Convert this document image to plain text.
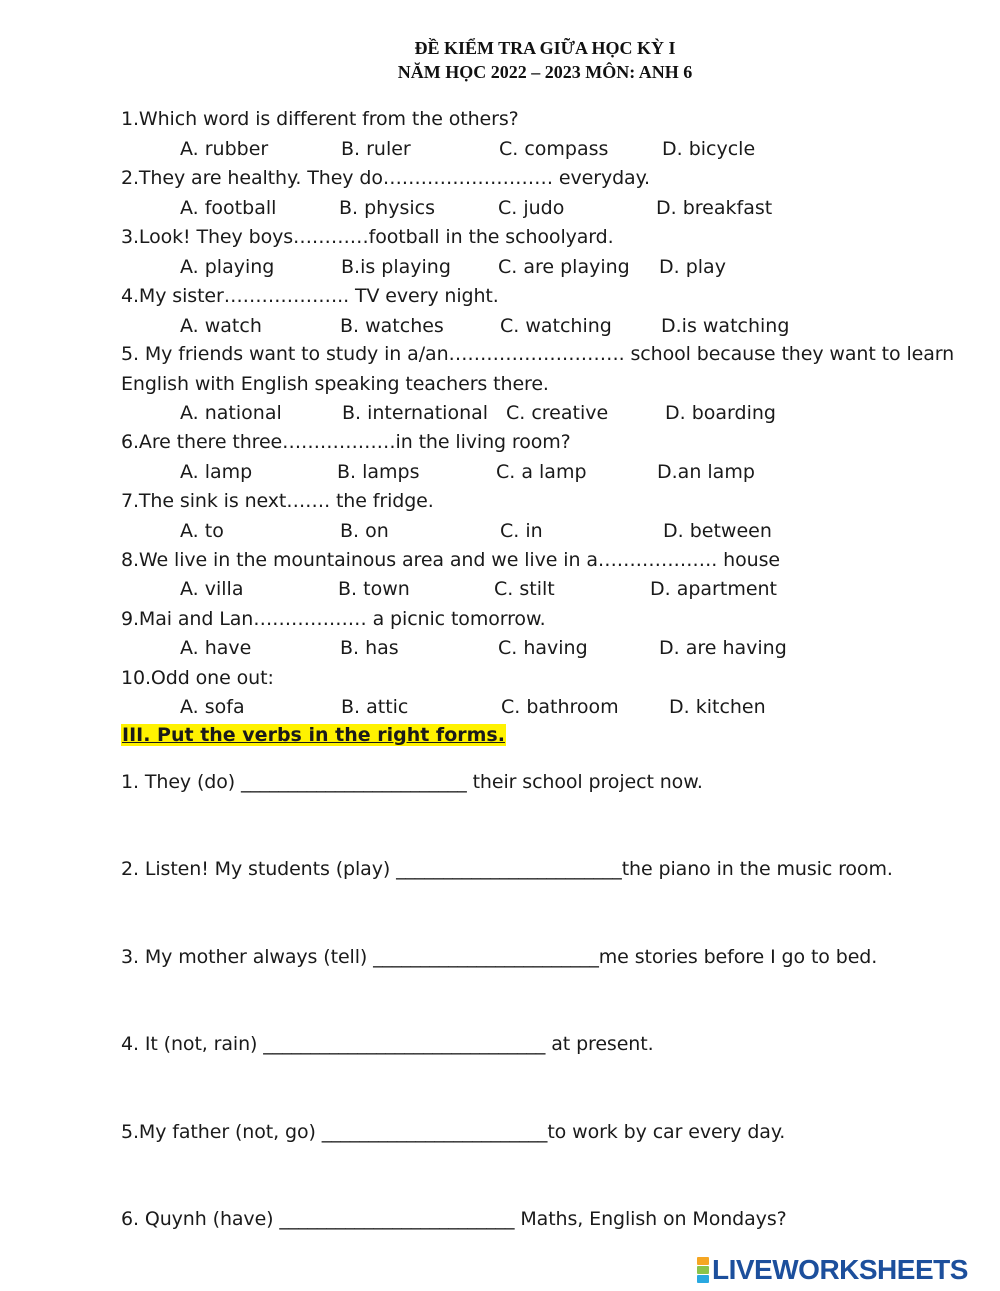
ĐỀ KIỂM TRA GIỮA HỌC KỲ I
NĂM HỌC 2022 – 2023 MÔN: ANH 6
1.Which word is different from the others?
A. rubber	B. ruler	C. compass	D. bicycle
2.They are healthy. They do……………………… everyday.
A. football	B. physics	C. judo	D. breakfast
3.Look! They boys…………football in the schoolyard.
A. playing	B.is playing C. are playing D. play
4.My sister……………….. TV every night.
A. watch	B. watches	C. watching	D.is watching
5. My friends want to study in a/an………………………. school because they want to learn
English with English speaking teachers there.
A. national	B. international C. creative	D. boarding
6.Are there three………………in the living room?
A. lamp	B. lamps	C. a lamp	D.an lamp
7.The sink is next……. the fridge.
A. to	B. on	C. in	D. between
8.We live in the mountainous area and we live in a………………. house
A. villa	B. town	C. stilt	D. apartment
9.Mai and Lan……………… a picnic tomorrow.
A. have	B. has	C. having	D. are having
10.Odd one out:
A. sofa	B. attic	C. bathroom	D. kitchen
III. Put the verbs in the right forms.
1. They (do) ________________________ their school project now.
2. Listen! My students (play) ________________________the piano in the music room.
3. My mother always (tell) ________________________me stories before I go to bed.
4. It (not, rain) ______________________________ at present.
5.My father (not, go) ________________________to work by car every day.
6. Quynh (have) _________________________ Maths, English on Mondays?
LIVEWORKSHEETS
